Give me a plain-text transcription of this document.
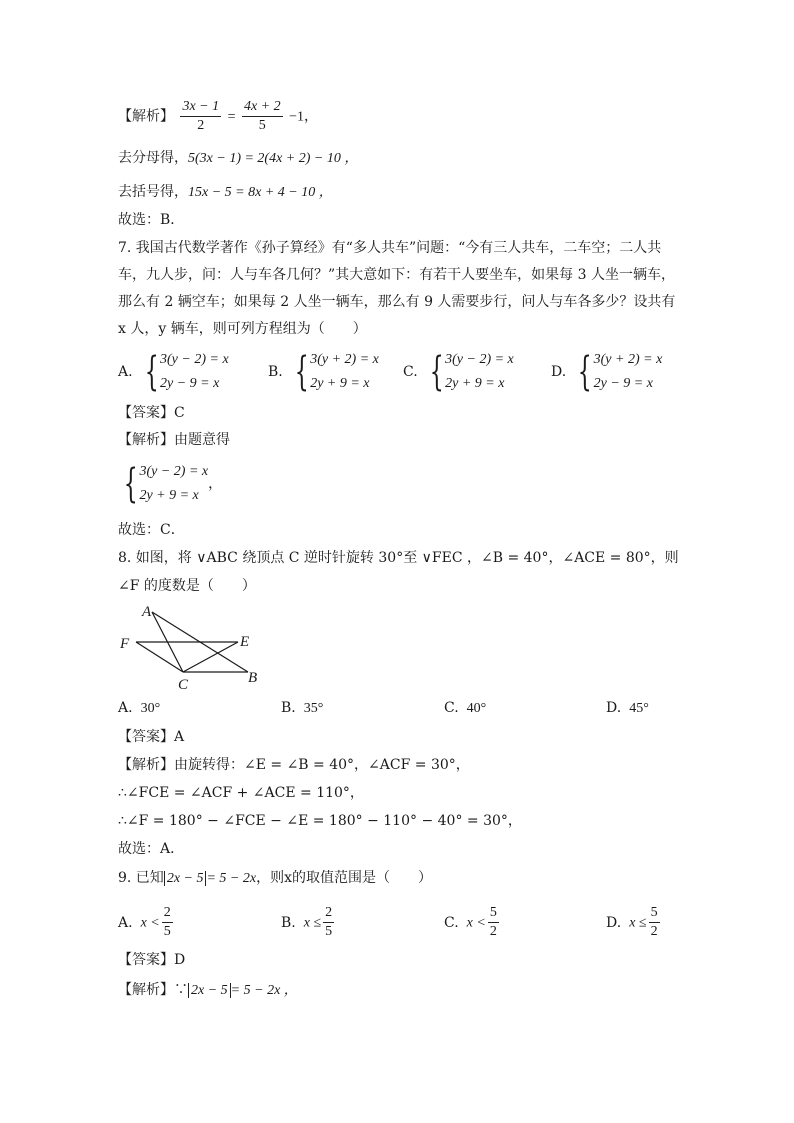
【解析】 $\frac{3x - 1}{2} = \frac{4x + 2}{5} -1$，
去分母得，5(3x − 1) = 2(4x + 2) − 10 ，
去括号得，15x − 5 = 8x + 4 − 10 ，
故选：B．
7. 我国古代数学著作《孙子算经》有“多人共车”问题：“今有三人共车，二车空；二人共
车，九人步，问：人与车各几何？”其大意如下：有若干人要坐车，如果每 3 人坐一辆车，
那么有 2 辆空车；如果每 2 人坐一辆车，那么有 9 人需要步行，问人与车各多少？设共有
x 人，y 辆车，则可列方程组为（　　）
A. { 3(y − 2) = x
2y − 9 = x
B. { 3(y + 2) = x
2y + 9 = x
C. { 3(y − 2) = x
2y + 9 = x
D. { 3(y + 2) = x
2y − 9 = x
【答案】C
【解析】由题意得
{ 3(y − 2) = x
2y + 9 = x
，
故选：C．
8. 如图，将 ∨ABC 绕顶点 C 逆时针旋转 30°至 ∨FEC ，∠B = 40°，∠ACE = 80°，则
∠F 的度数是（　　）
A
F	E
C	B
A. 30°	B. 35°	C. 40°	D. 45°
【答案】A
【解析】由旋转得：∠E = ∠B = 40°，∠ACF = 30°，
∴∠FCE = ∠ACF + ∠ACE = 110°，
∴∠F = 180° − ∠FCE − ∠E = 180° − 110° − 40° = 30°，
故选：A．
9. 已知 2x − 5 = 5 − 2x，则x的取值范围是（　　）
A. $x < \frac{2}{5}$	B. $x \le \frac{2}{5}$	C. $x < \frac{5}{2}$	D. $x \le \frac{5}{2}$
【答案】D
【解析】∵ 2x − 5 = 5 − 2x ，
